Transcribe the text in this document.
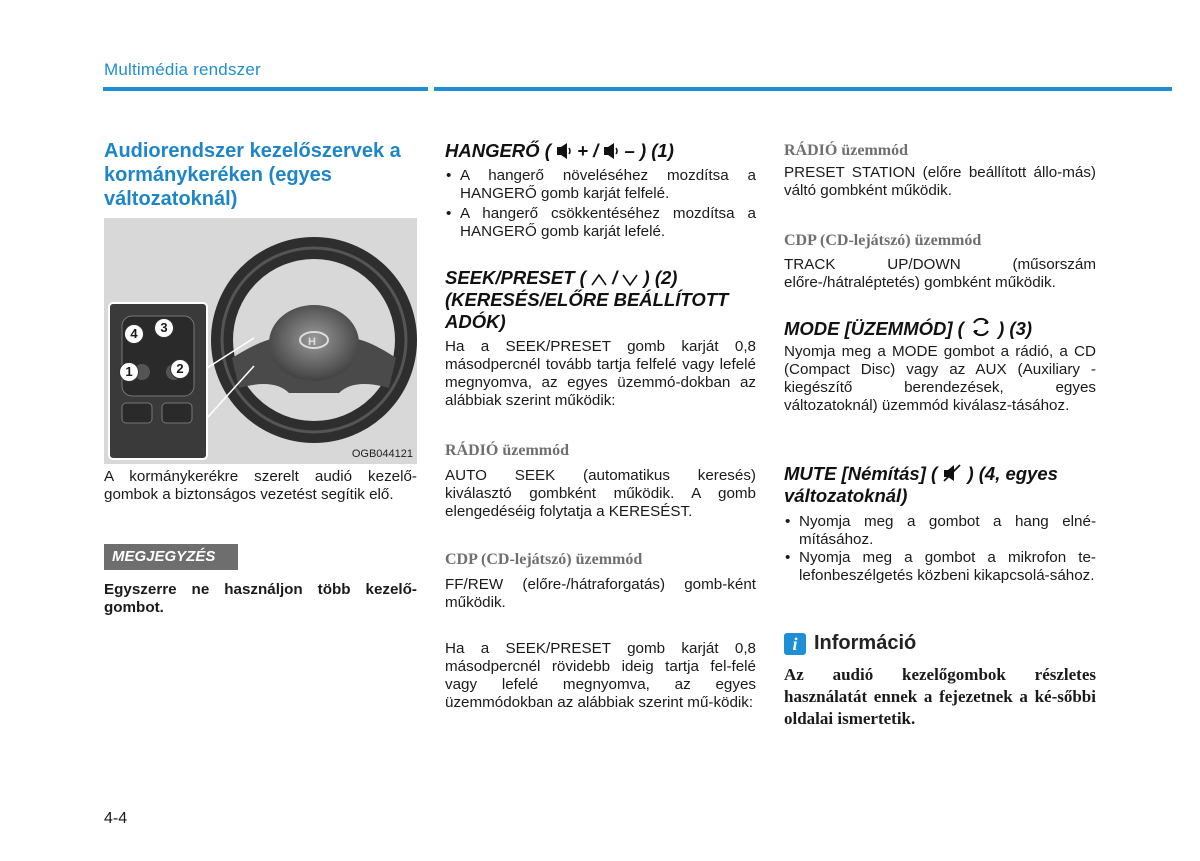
Multimédia rendszer
Audiorendszer kezelőszervek a kormánykeréken (egyes változatoknál)
H
1	2
3
4
OGB044121

A kormánykerékre szerelt audió kezelő-gombok a biztonságos vezetést segítik elő.

MEGJEGYZÉS

Egyszerre ne használjon több kezelő-gombot.

HANGERŐ ( + / – ) (1)
• A hangerő növeléséhez mozdítsa a HANGERŐ gomb karját felfelé.
• A hangerő csökkentéséhez mozdítsa a HANGERŐ gomb karját lefelé.
SEEK/PRESET (  /  ) (2)
(KERESÉS/ELŐRE BEÁLLÍTOTT ADÓK)

Ha a SEEK/PRESET gomb karját 0,8 másodpercnél tovább tartja felfelé vagy lefelé megnyomva, az egyes üzemmó-dokban az alábbiak szerint működik:

RÁDIÓ üzemmód

AUTO SEEK (automatikus keresés) kiválasztó gombként működik. A gomb elengedéséig folytatja a KERESÉST.

CDP (CD-lejátszó) üzemmód

FF/REW (előre-/hátraforgatás) gomb-ként működik.

Ha a SEEK/PRESET gomb karját 0,8 másodpercnél rövidebb ideig tartja fel-felé vagy lefelé megnyomva, az egyes üzemmódokban az alábbiak szerint mű-ködik:

RÁDIÓ üzemmód

PRESET STATION (előre beállított állo-más) váltó gombként működik.

CDP (CD-lejátszó) üzemmód

TRACK UP/DOWN (műsorszám előre-/hátraléptetés) gombként működik.

MODE [ÜZEMMÓD] ( ) (3)

Nyomja meg a MODE gombot a rádió, a CD (Compact Disc) vagy az AUX (Auxiliary - kiegészítő berendezések, egyes változatoknál) üzemmód kiválasz-tásához.

MUTE [Némítás] ( ) (4, egyes
változatoknál)
• Nyomja meg a gombot a hang elné-mításához.
• Nyomja meg a gombot a mikrofon te-lefonbeszélgetés közbeni kikapcsolá-sához.
i Információ
Az audió kezelőgombok részletes használatát ennek a fejezetnek a ké-sőbbi oldalai ismertetik.
4-4
